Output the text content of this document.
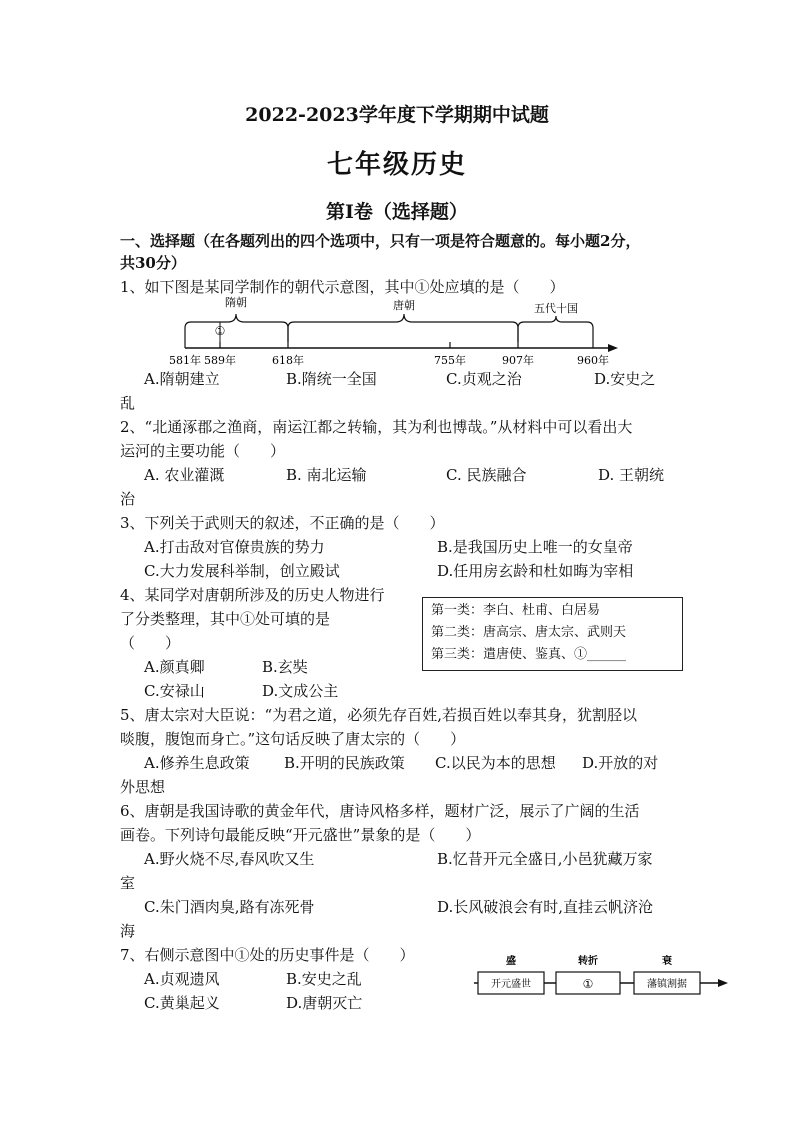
2022-2023学年度下学期期中试题
七年级历史
第Ⅰ卷（选择题）
一、选择题（在各题列出的四个选项中，只有一项是符合题意的。每小题2分，
共30分）
1、如下图是某同学制作的朝代示意图，其中①处应填的是（　　）
①
隋朝	唐朝	五代十国
581年 589年	618年	755年	907年	960年
A.隋朝建立	B.隋统一全国	C.贞观之治	D.安史之
乱
2、“北通涿郡之渔商，南运江都之转输，其为利也博哉。”从材料中可以看出大
运河的主要功能（　　）
A. 农业灌溉	B. 南北运输	C. 民族融合	D. 王朝统
治
3、下列关于武则天的叙述，不正确的是（　　）
A.打击敌对官僚贵族的势力	B.是我国历史上唯一的女皇帝
C.大力发展科举制，创立殿试	D.任用房玄龄和杜如晦为宰相
4、某同学对唐朝所涉及的历史人物进行
了分类整理，其中①处可填的是
（　　）
第一类：李白、杜甫、白居易
第二类：唐高宗、唐太宗、武则天
第三类：遣唐使、鉴真、①______
A.颜真卿	B.玄奘
C.安禄山	D.文成公主
5、唐太宗对大臣说：“为君之道，必须先存百姓,若损百姓以奉其身，犹割胫以
啖腹，腹饱而身亡。”这句话反映了唐太宗的（　　）
A.修养生息政策 B.开明的民族政策 C.以民为本的思想 D.开放的对
外思想
6、唐朝是我国诗歌的黄金年代，唐诗风格多样，题材广泛，展示了广阔的生活
画卷。下列诗句最能反映“开元盛世”景象的是（　　）
A.野火烧不尽,春风吹又生	B.忆昔开元全盛日,小邑犹藏万家
室
C.朱门酒肉臭,路有冻死骨	D.长风破浪会有时,直挂云帆济沧
海
7、右侧示意图中①处的历史事件是（　　）
A.贞观遗风	B.安史之乱
C.黄巢起义	D.唐朝灭亡
开元盛世	①	藩镇割据
盛	转折	衰
